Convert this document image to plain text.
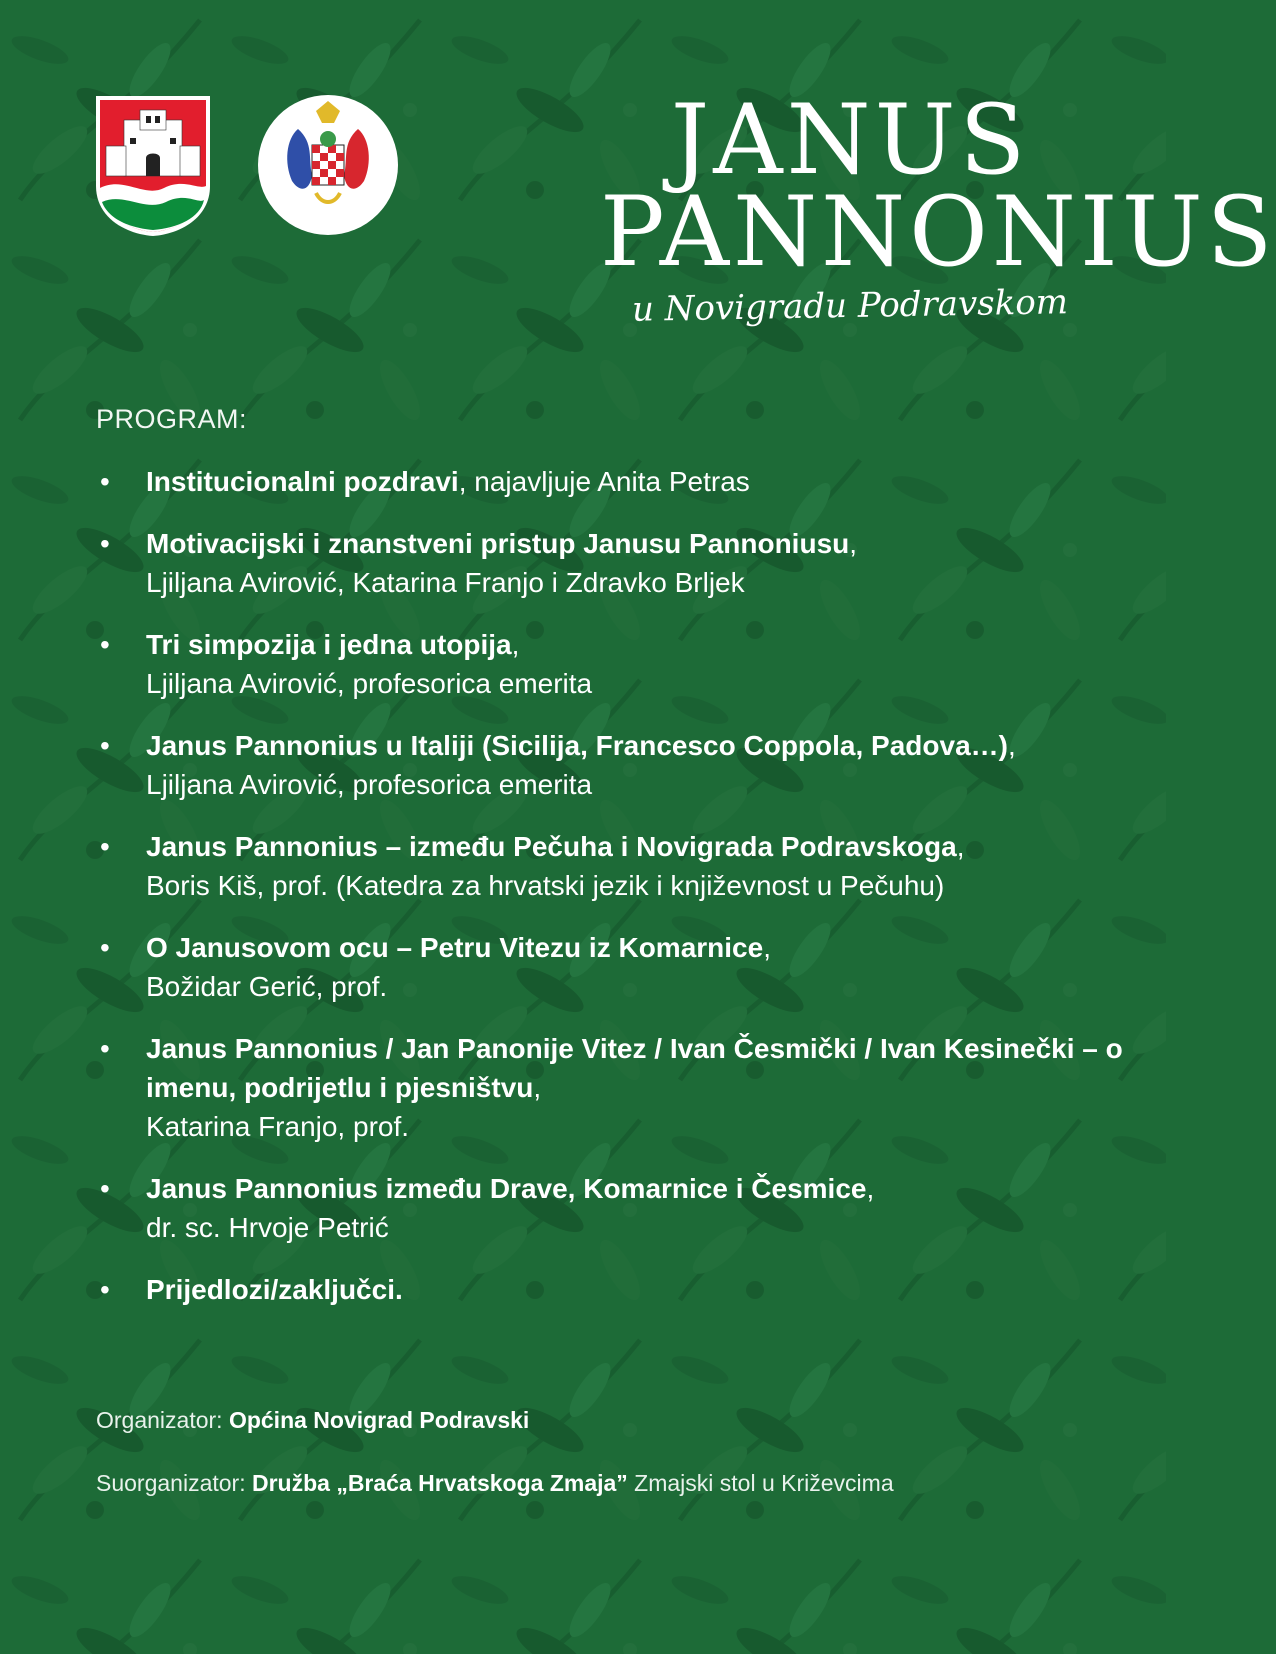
JANUS
PANNONIUS
u Novigradu Podravskom
PROGRAM:
• Institucionalni pozdravi, najavljuje Anita Petras
• Motivacijski i znanstveni pristup Janusu Pannoniusu,
Ljiljana Avirović, Katarina Franjo i Zdravko Brljek
• Tri simpozija i jedna utopija,
Ljiljana Avirović, profesorica emerita
• Janus Pannonius u Italiji (Sicilija, Francesco Coppola, Padova…),
Ljiljana Avirović, profesorica emerita
• Janus Pannonius – između Pečuha i Novigrada Podravskoga,
Boris Kiš, prof. (Katedra za hrvatski jezik i književnost u Pečuhu)
• O Janusovom ocu – Petru Vitezu iz Komarnice,
Božidar Gerić, prof.
• Janus Pannonius / Jan Panonije Vitez / Ivan Česmički / Ivan Kesinečki – o imenu, podrijetlu i pjesništvu,
Katarina Franjo, prof.
• Janus Pannonius između Drave, Komarnice i Česmice,
dr. sc. Hrvoje Petrić
• Prijedlozi/zaključci.
Organizator: Općina Novigrad Podravski
Suorganizator: Družba „Braća Hrvatskoga Zmaja” Zmajski stol u Križevcima
